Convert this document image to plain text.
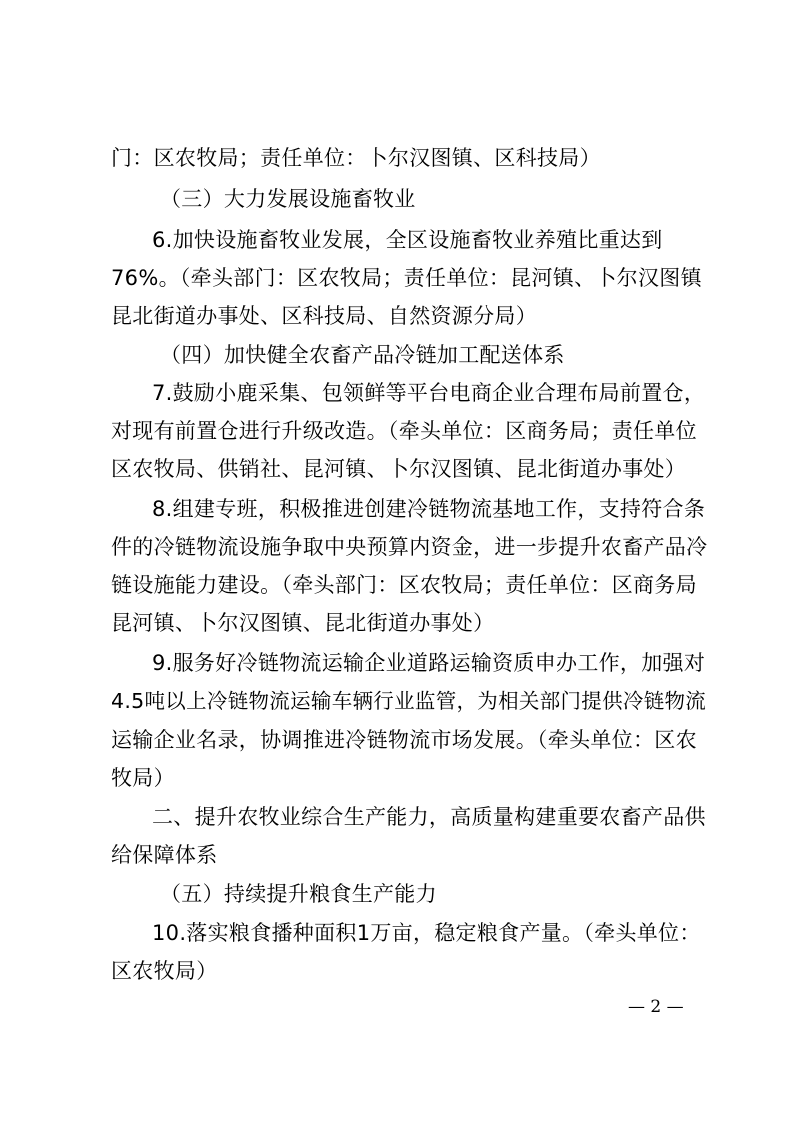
门：区农牧局；责任单位：卜尔汉图镇、区科技局）
（三）大力发展设施畜牧业
6.加快设施畜牧业发展，全区设施畜牧业养殖比重达到
76%。（牵头部门：区农牧局；责任单位：昆河镇、卜尔汉图镇
昆北街道办事处、区科技局、自然资源分局）
（四）加快健全农畜产品冷链加工配送体系
7.鼓励小鹿采集、包领鲜等平台电商企业合理布局前置仓，
对现有前置仓进行升级改造。（牵头单位：区商务局；责任单位
区农牧局、供销社、昆河镇、卜尔汉图镇、昆北街道办事处）
8.组建专班，积极推进创建冷链物流基地工作，支持符合条
件的冷链物流设施争取中央预算内资金，进一步提升农畜产品冷
链设施能力建设。（牵头部门：区农牧局；责任单位：区商务局
昆河镇、卜尔汉图镇、昆北街道办事处）
9.服务好冷链物流运输企业道路运输资质申办工作，加强对
4.5吨以上冷链物流运输车辆行业监管，为相关部门提供冷链物流
运输企业名录，协调推进冷链物流市场发展。（牵头单位：区农
牧局）
二、提升农牧业综合生产能力，高质量构建重要农畜产品供
给保障体系
（五）持续提升粮食生产能力
10.落实粮食播种面积1万亩，稳定粮食产量。（牵头单位：
区农牧局）
— 2 —
